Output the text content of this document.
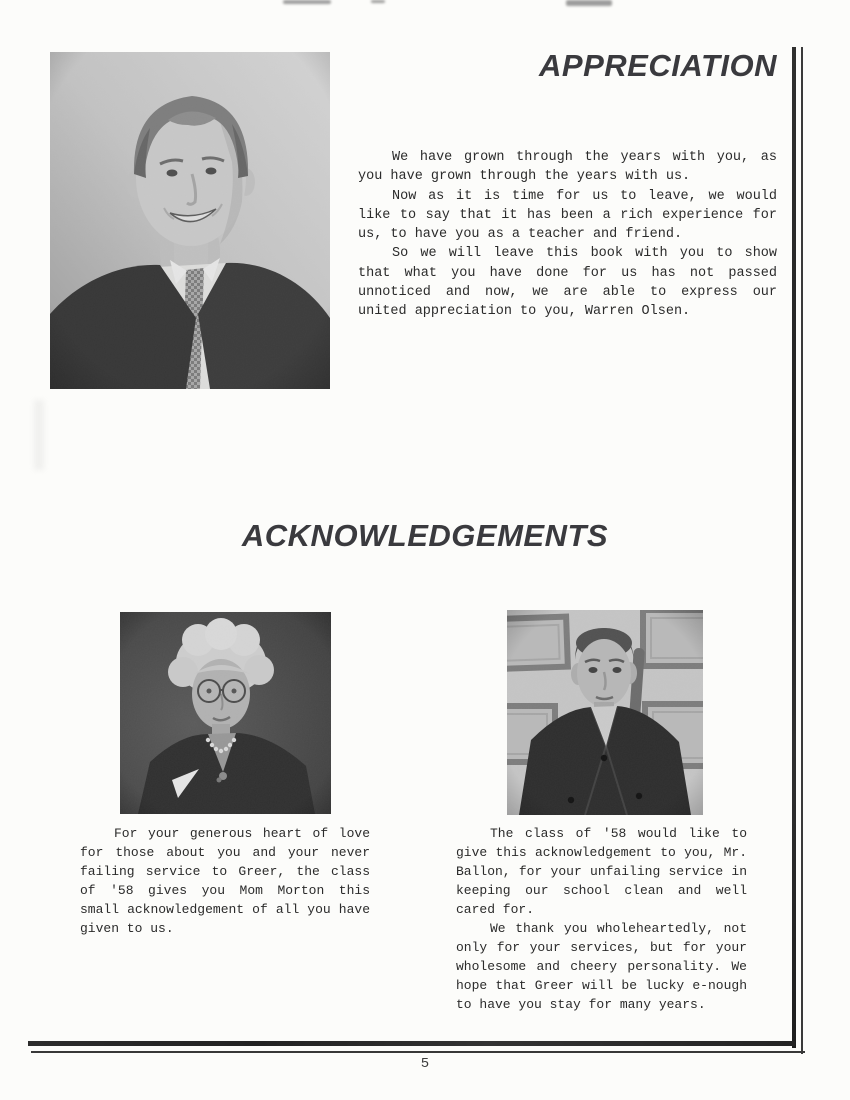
APPRECIATION

We have grown through the years with you, as you have grown through the years with us.

Now as it is time for us to leave, we would like to say that it has been a rich experience for us, to have you as a teacher and friend.

So we will leave this book with you to show that what you have done for us has not passed unnoticed and now, we are able to express our united appreciation to you, Warren Olsen.

ACKNOWLEDGEMENTS

For your generous heart of love for those about you and your never failing service to Greer, the class of '58 gives you Mom Morton this small acknowledgement of all you have given to us.

The class of '58 would like to give this acknowledgement to you, Mr. Ballon, for your unfailing service in keeping our school clean and well cared for.

We thank you wholeheartedly, not only for your services, but for your wholesome and cheery personality. We hope that Greer will be lucky e-nough to have you stay for many years.

5
